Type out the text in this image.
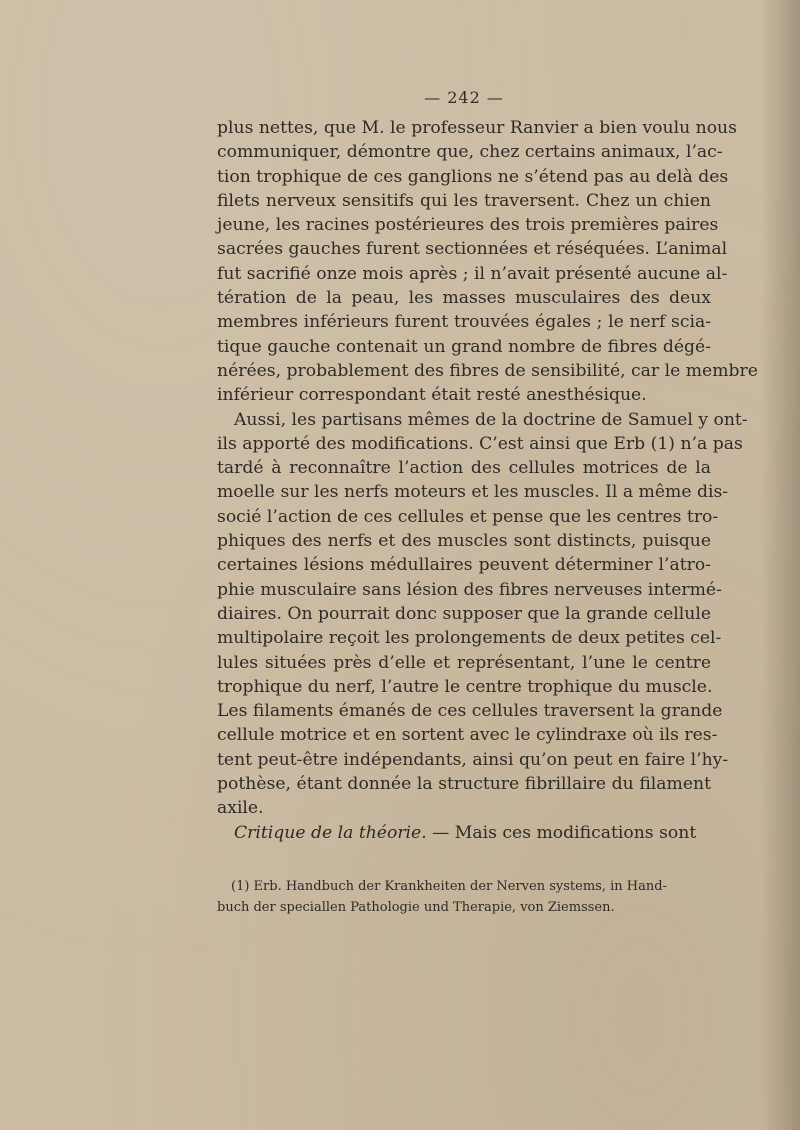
— 242 —

plus nettes, que M. le professeur Ranvier a bien voulu nous
communiquer, démontre que, chez certains animaux, l’ac-
tion trophique de ces ganglions ne s’étend pas au delà des
filets nerveux sensitifs qui les traversent. Chez un chien
jeune, les racines postérieures des trois premières paires
sacrées gauches furent sectionnées et réséquées. L’animal
fut sacrifié onze mois après ; il n’avait présenté aucune al-
tération de la peau, les masses musculaires des deux
membres inférieurs furent trouvées égales ; le nerf scia-
tique gauche contenait un grand nombre de fibres dégé-
nérées, probablement des fibres de sensibilité, car le membre
inférieur correspondant était resté anesthésique.

Aussi, les partisans mêmes de la doctrine de Samuel y ont-
ils apporté des modifications. C’est ainsi que Erb (1) n’a pas
tardé à reconnaître l’action des cellules motrices de la
moelle sur les nerfs moteurs et les muscles. Il a même dis-
socié l’action de ces cellules et pense que les centres tro-
phiques des nerfs et des muscles sont distincts, puisque
certaines lésions médullaires peuvent déterminer l’atro-
phie musculaire sans lésion des fibres nerveuses intermé-
diaires. On pourrait donc supposer que la grande cellule
multipolaire reçoit les prolongements de deux petites cel-
lules situées près d’elle et représentant, l’une le centre
trophique du nerf, l’autre le centre trophique du muscle.
Les filaments émanés de ces cellules traversent la grande
cellule motrice et en sortent avec le cylindraxe où ils res-
tent peut-être indépendants, ainsi qu’on peut en faire l’hy-
pothèse, étant donnée la structure fibrillaire du filament
axile.

Critique de la théorie. — Mais ces modifications sont

(1) Erb. Handbuch der Krankheiten der Nerven systems, in Hand-
buch der speciallen Pathologie und Therapie, von Ziemssen.
